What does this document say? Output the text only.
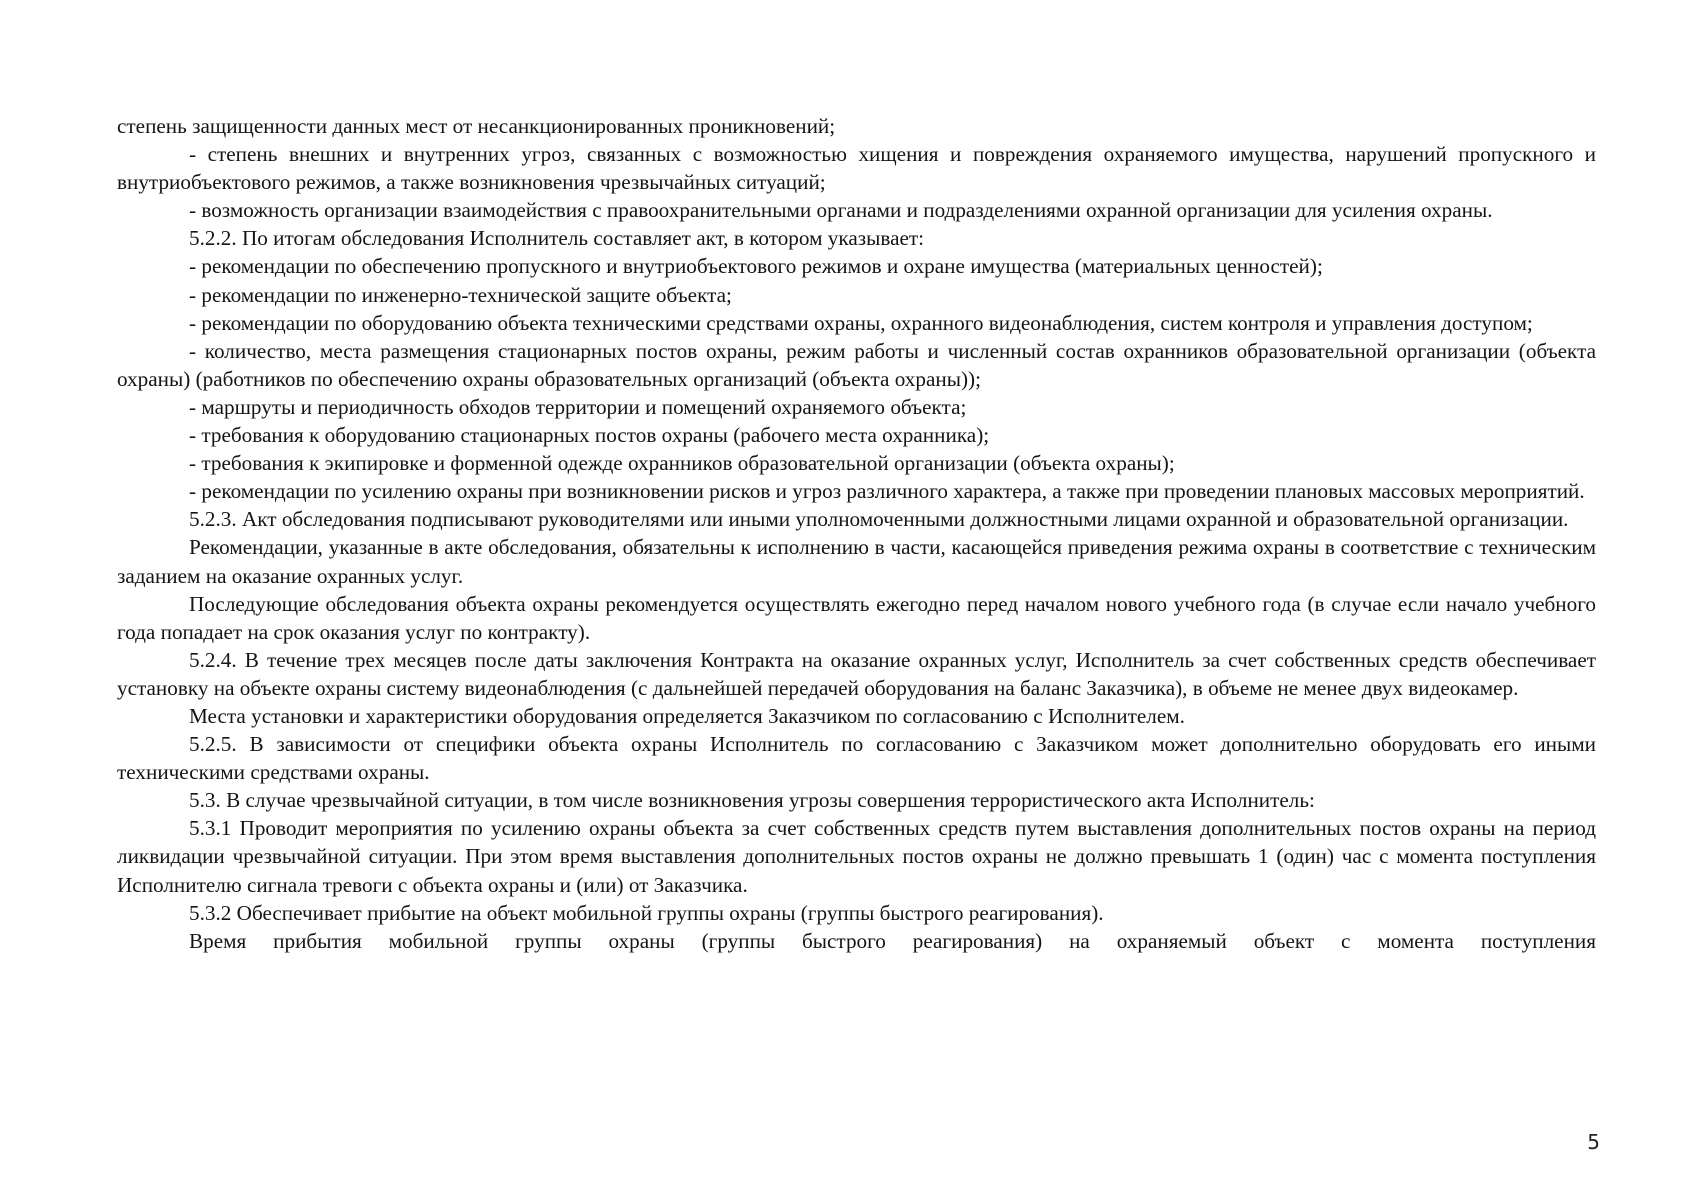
степень защищенности данных мест от несанкционированных проникновений;

- степень внешних и внутренних угроз, связанных с возможностью хищения и повреждения охраняемого имущества, нарушений пропускного и внутриобъектового режимов, а также возникновения чрезвычайных ситуаций;

- возможность организации взаимодействия с правоохранительными органами и подразделениями охранной организации для усиления охраны.

5.2.2. По итогам обследования Исполнитель составляет акт, в котором указывает:

- рекомендации по обеспечению пропускного и внутриобъектового режимов и охране имущества (материальных ценностей);

- рекомендации по инженерно-технической защите объекта;

- рекомендации по оборудованию объекта техническими средствами охраны, охранного видеонаблюдения, систем контроля и управления доступом;

- количество, места размещения стационарных постов охраны, режим работы и численный состав охранников образовательной организации (объекта охраны) (работников по обеспечению охраны образовательных организаций (объекта охраны));

- маршруты и периодичность обходов территории и помещений охраняемого объекта;

- требования к оборудованию стационарных постов охраны (рабочего места охранника);

- требования к экипировке и форменной одежде охранников образовательной организации (объекта охраны);

- рекомендации по усилению охраны при возникновении рисков и угроз различного характера, а также при проведении плановых массовых мероприятий.

5.2.3. Акт обследования подписывают руководителями или иными уполномоченными должностными лицами охранной и образовательной организации.

Рекомендации, указанные в акте обследования, обязательны к исполнению в части, касающейся приведения режима охраны в соответствие с техническим заданием на оказание охранных услуг.

Последующие обследования объекта охраны рекомендуется осуществлять ежегодно перед началом нового учебного года (в случае если начало учебного года попадает на срок оказания услуг по контракту).

5.2.4. В течение трех месяцев после даты заключения Контракта на оказание охранных услуг, Исполнитель за счет собственных средств обеспечивает установку на объекте охраны систему видеонаблюдения (с дальнейшей передачей оборудования на баланс Заказчика), в объеме не менее двух видеокамер.

Места установки и характеристики оборудования определяется Заказчиком по согласованию с Исполнителем.

5.2.5. В зависимости от специфики объекта охраны Исполнитель по согласованию с Заказчиком может дополнительно оборудовать его иными техническими средствами охраны.

5.3. В случае чрезвычайной ситуации, в том числе возникновения угрозы совершения террористического акта Исполнитель:

5.3.1 Проводит мероприятия по усилению охраны объекта за счет собственных средств путем выставления дополнительных постов охраны на период ликвидации чрезвычайной ситуации. При этом время выставления дополнительных постов охраны не должно превышать 1 (один) час с момента поступления Исполнителю сигнала тревоги с объекта охраны и (или) от Заказчика.

5.3.2 Обеспечивает прибытие на объект мобильной группы охраны (группы быстрого реагирования).

Время прибытия мобильной группы охраны (группы быстрого реагирования) на охраняемый объект с момента поступления

5
